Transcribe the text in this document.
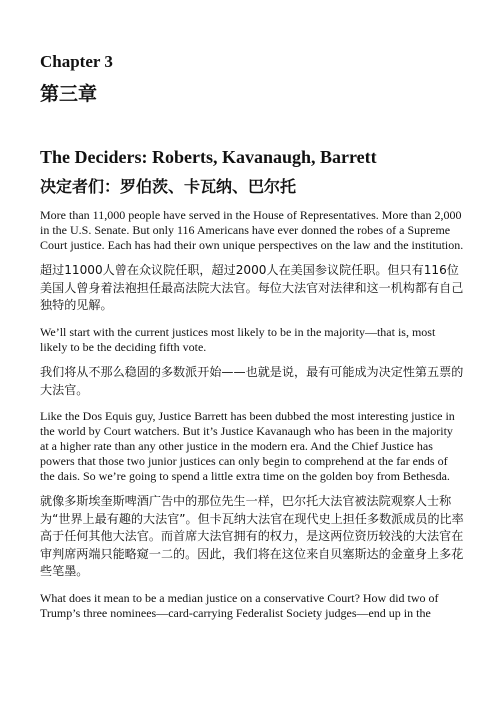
Chapter 3
第三章
The Deciders: Roberts, Kavanaugh, Barrett
决定者们：罗伯茨、卡瓦纳、巴尔托

More than 11,000 people have served in the House of Representatives. More than 2,000 in the U.S. Senate. But only 116 Americans have ever donned the robes of a Supreme Court justice. Each has had their own unique perspectives on the law and the institution.

超过11000人曾在众议院任职，超过2000人在美国参议院任职。但只有116位美国人曾身着法袍担任最高法院大法官。每位大法官对法律和这一机构都有自己独特的见解。

We’ll start with the current justices most likely to be in the majority—that is, most likely to be the deciding fifth vote.

我们将从不那么稳固的多数派开始——也就是说，最有可能成为决定性第五票的大法官。

Like the Dos Equis guy, Justice Barrett has been dubbed the most interesting justice in the world by Court watchers. But it’s Justice Kavanaugh who has been in the majority at a higher rate than any other justice in the modern era. And the Chief Justice has powers that those two junior justices can only begin to comprehend at the far ends of the dais. So we’re going to spend a little extra time on the golden boy from Bethesda.

就像多斯埃奎斯啤酒广告中的那位先生一样，巴尔托大法官被法院观察人士称为“世界上最有趣的大法官”。但卡瓦纳大法官在现代史上担任多数派成员的比率高于任何其他大法官。而首席大法官拥有的权力，是这两位资历较浅的大法官在审判席两端只能略窥一二的。因此，我们将在这位来自贝塞斯达的金童身上多花些笔墨。

What does it mean to be a median justice on a conservative Court? How did two of Trump’s three nominees—card-carrying Federalist Society judges—end up in the
